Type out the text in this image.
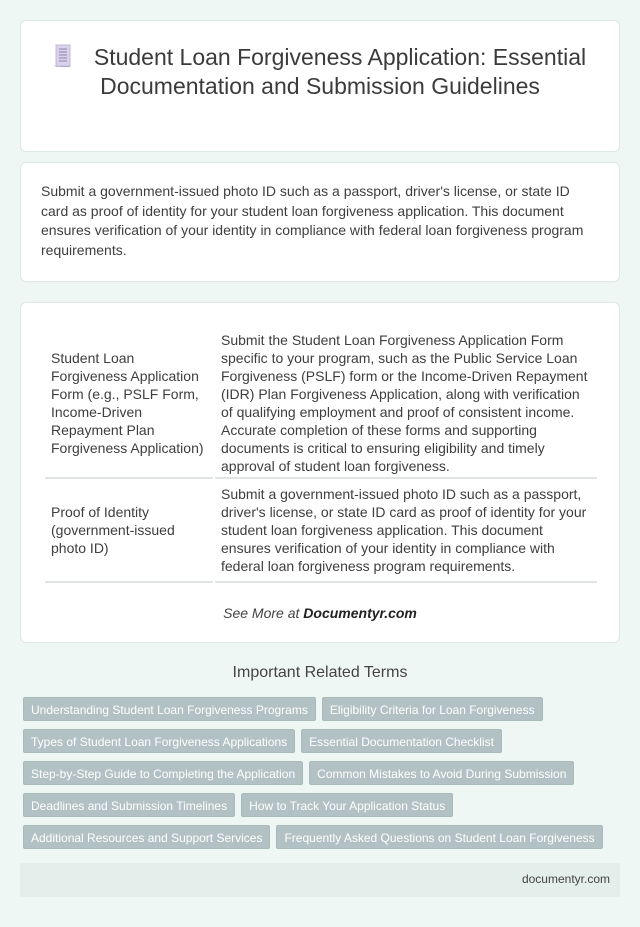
Student Loan Forgiveness Application: Essential Documentation and Submission Guidelines

Submit a government-issued photo ID such as a passport, driver's license, or state ID card as proof of identity for your student loan forgiveness application. This document ensures verification of your identity in compliance with federal loan forgiveness program requirements.

Student Loan Forgiveness Application Form (e.g., PSLF Form, Income-Driven Repayment Plan Forgiveness Application)	Submit the Student Loan Forgiveness Application Form specific to your program, such as the Public Service Loan Forgiveness (PSLF) form or the Income-Driven Repayment (IDR) Plan Forgiveness Application, along with verification of qualifying employment and proof of consistent income. Accurate completion of these forms and supporting documents is critical to ensuring eligibility and timely approval of student loan forgiveness.
Proof of Identity (government-issued photo ID)	Submit a government-issued photo ID such as a passport, driver's license, or state ID card as proof of identity for your student loan forgiveness application. This document ensures verification of your identity in compliance with federal loan forgiveness program requirements.
See More at Documentyr.com
Important Related Terms
Understanding Student Loan Forgiveness Programs	Eligibility Criteria for Loan Forgiveness
Types of Student Loan Forgiveness Applications	Essential Documentation Checklist
Step-by-Step Guide to Completing the Application	Common Mistakes to Avoid During Submission
Deadlines and Submission Timelines	How to Track Your Application Status
Additional Resources and Support Services	Frequently Asked Questions on Student Loan Forgiveness
documentyr.com
